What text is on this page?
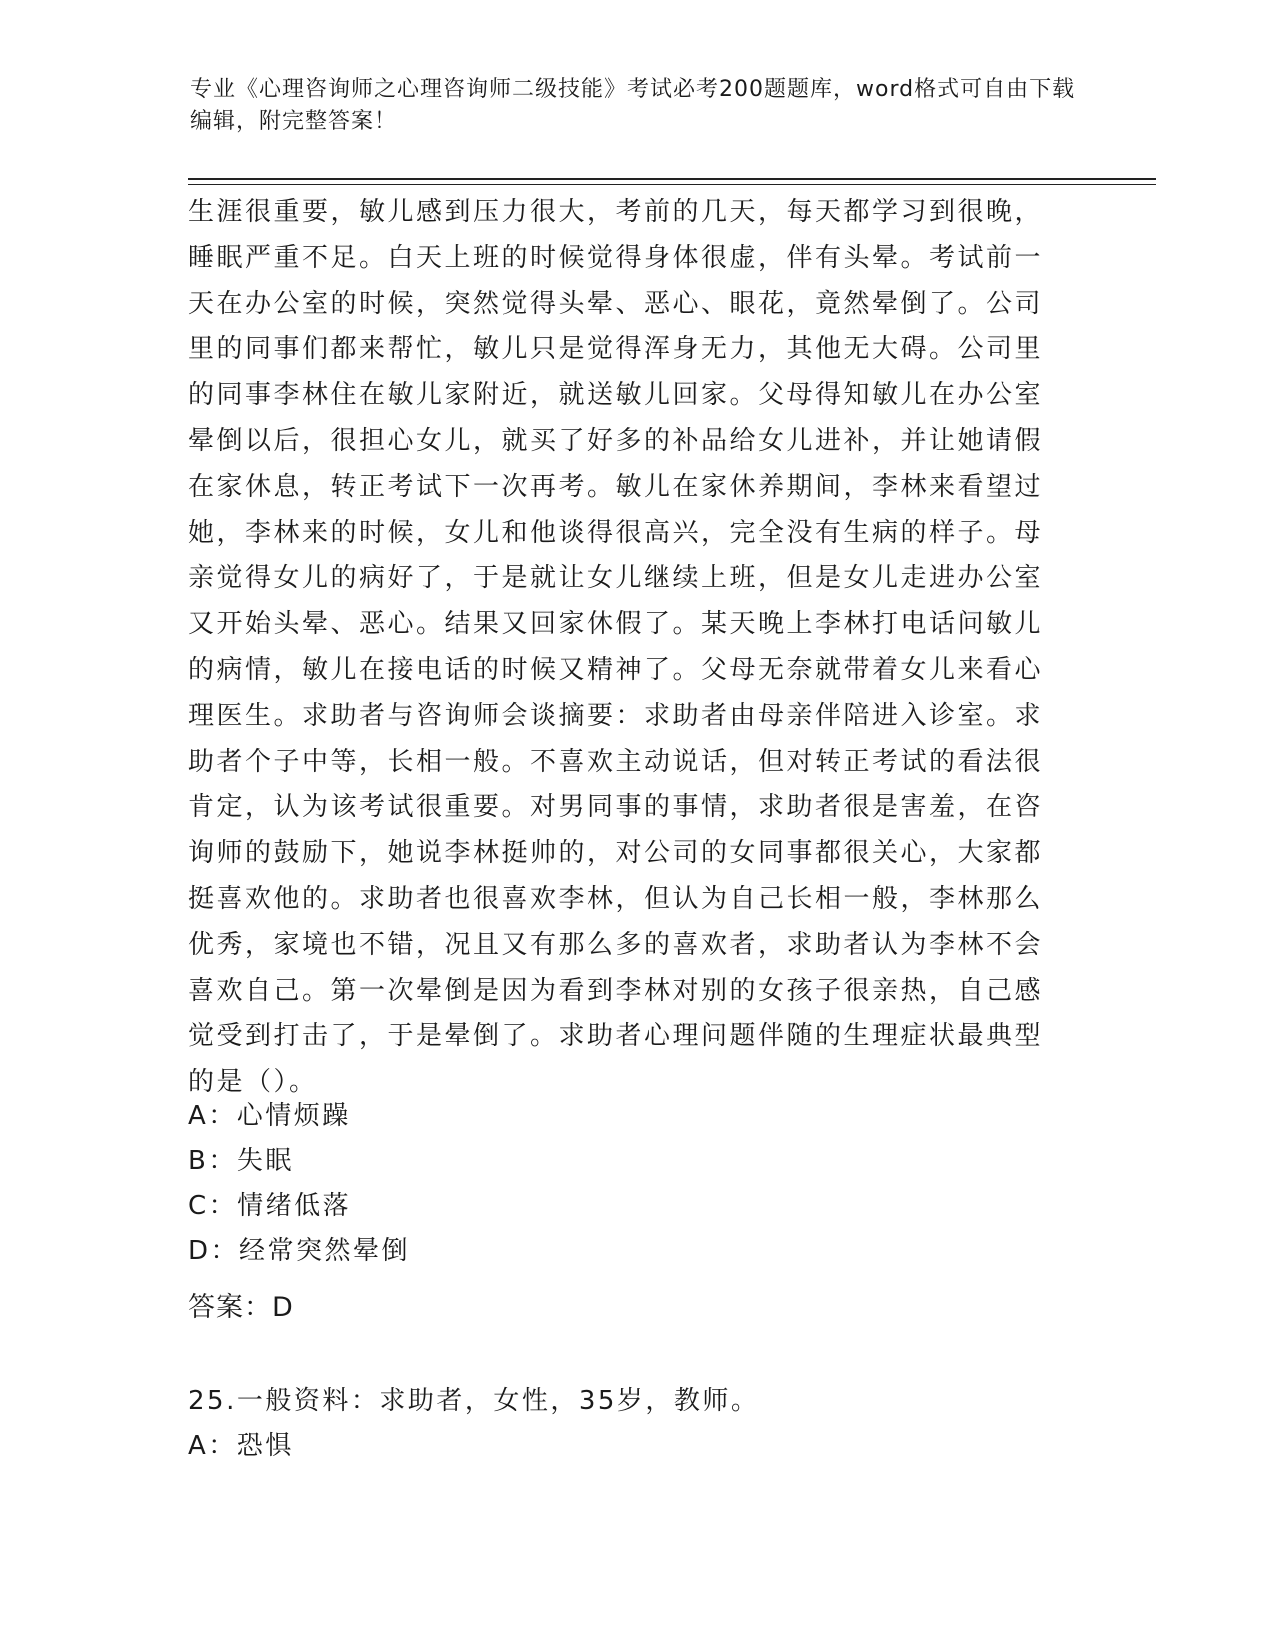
专业《心理咨询师之心理咨询师二级技能》考试必考200题题库，word格式可自由下载编辑，附完整答案！
生涯很重要，敏儿感到压力很大，考前的几天，每天都学习到很晚，
睡眠严重不足。白天上班的时候觉得身体很虚，伴有头晕。考试前一
天在办公室的时候，突然觉得头晕、恶心、眼花，竟然晕倒了。公司
里的同事们都来帮忙，敏儿只是觉得浑身无力，其他无大碍。公司里
的同事李林住在敏儿家附近，就送敏儿回家。父母得知敏儿在办公室
晕倒以后，很担心女儿，就买了好多的补品给女儿进补，并让她请假
在家休息，转正考试下一次再考。敏儿在家休养期间，李林来看望过
她，李林来的时候，女儿和他谈得很高兴，完全没有生病的样子。母
亲觉得女儿的病好了，于是就让女儿继续上班，但是女儿走进办公室
又开始头晕、恶心。结果又回家休假了。某天晚上李林打电话问敏儿
的病情，敏儿在接电话的时候又精神了。父母无奈就带着女儿来看心
理医生。求助者与咨询师会谈摘要：求助者由母亲伴陪进入诊室。求
助者个子中等，长相一般。不喜欢主动说话，但对转正考试的看法很
肯定，认为该考试很重要。对男同事的事情，求助者很是害羞，在咨
询师的鼓励下，她说李林挺帅的，对公司的女同事都很关心，大家都
挺喜欢他的。求助者也很喜欢李林，但认为自己长相一般，李林那么
优秀，家境也不错，况且又有那么多的喜欢者，求助者认为李林不会
喜欢自己。第一次晕倒是因为看到李林对别的女孩子很亲热，自己感
觉受到打击了，于是晕倒了。求助者心理问题伴随的生理症状最典型
的是（）。
A：心情烦躁
B：失眠
C：情绪低落
D：经常突然晕倒
答案：D
25.一般资料：求助者，女性，35岁，教师。
A：恐惧
